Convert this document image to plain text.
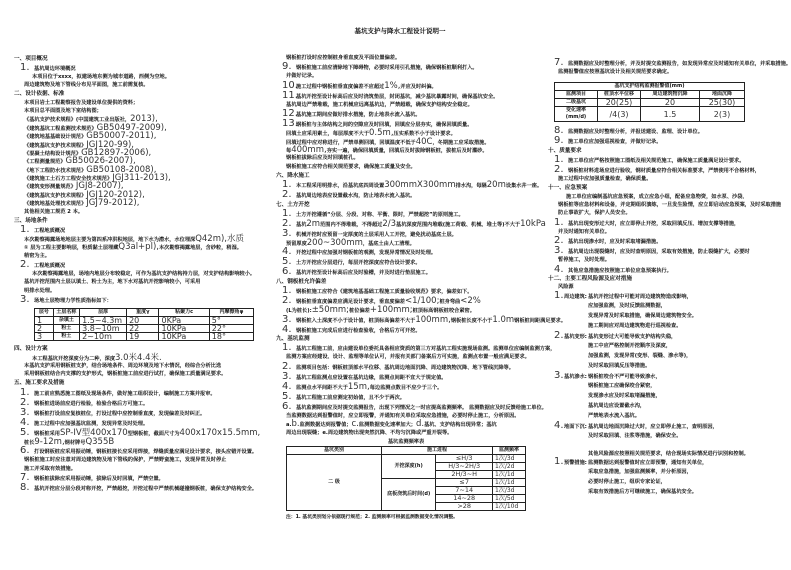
基坑支护与降水工程设计说明一
一、项目概况
1. 基坑周边环境概况
本项目位于xxxx，拟建场地东侧为城市道路，西侧为空地。
周边建筑物及地下管线分布见平面图，施工前需复核。
二、设计依据、标准
本项目岩土工程勘察报告及建设单位提供的资料；
本项目总平面图及地下室结构图；
《基坑支护技术规程》(中国建筑工业出版社，2013),
《建筑基坑工程监测技术规范》GB50497-2009),
《建筑地基基础设计规范》GB50007-2011),
《建筑基坑支护技术规程》JGJ120-99),
《混凝土结构设计规范》GB12897-2006),
《工程测量规范》GB50026-2007),
《地下工程防水技术规范》GB50108-2008),
《建筑施工土石方工程安全技术规范》JGJ311-2013),
《建筑变形测量规范》JGJ8-2007),
《建筑基坑支护技术规程》JGJ120-2012),
《建筑地基处理技术规范》JGJ79-2012),
其他相关施工规范 2 本。
三、场地条件
1. 工程地质概况
本次勘察揭露场地地层主要为第四系冲洪积地层，地下水为潜水，水位埋深Q42m),水质
① 层为工程主要影响层，粉质黏土层埋藏Q3al+pl),本次勘察揭露地层，含砂粒，稍湿。
稍密为主。
2. 工程地质概况
本次勘察揭露地层，场地内地层分布较稳定，可作为基坑支护结构持力层，对支护结构影响较小。
基坑开挖范围内土层以填土、粉土为主，地下水对基坑开挖影响较小，可采用
明排水处理。
3. 场地土层物理力学性质指标如下：
层号	土层名称	层厚	重度γ	粘聚力c	内摩擦角φ
1	杂填土	1.5~4.3m	20	0KPa	5°
2	粉土	3.8~10m	22	10KPa	22°
3	粉土	2~10m	19	10KPa	18°
四、设计方案
本工程基坑开挖深度分为二种，深度3.0米4.4米.
本基坑支护采用钢板桩支护，结合场地条件、周边环境及地下水情况，经综合分析比选
采用钢板桩结合内支撑的支护形式，钢板桩施工前应进行试打，确保施工质量满足要求。
五、施工要求及措施
1. 施工前应熟悉施工图纸及现场条件，做好施工组织设计，编制施工方案并报审。
2. 钢板桩进场前应进行检验，检验合格后方可施工。
3. 钢板桩打设前应复核桩位，打设过程中应控制垂直度，发现偏差及时纠正。
4. 施工过程中应加强基坑监测，发现异常及时处理。
5. 钢板桩采用SP-IV型400x170型钢板桩，截面尺寸为400x170x15.5mm,
桩长9-12m,钢材牌号Q355B
6. 打设钢板桩应采用振动锤，钢板桩接长应采用焊接，焊缝质量应满足设计要求，接头应错开设置。
钢板桩施工时应注意对周边建筑物及地下管线的保护，严禁野蛮施工，发现异常及时停止
施工并采取有效措施。
7. 钢板桩拔除应采用振动锤，拔除后及时回填，严禁空置。
8. 基坑开挖应分层分段对称开挖，严禁超挖，开挖过程中严禁机械碰撞钢板桩，确保支护结构安全。
钢板桩打设时应控制桩身垂直度及平面位置偏差。
9. 钢板桩施工前应清除地下障碍物，必要时采用引孔措施，确保钢板桩顺利打入。
并做好记录。
10.施工过程中钢板桩垂直度偏差不应超过1%,并应及时纠偏。
11.基坑开挖至设计标高后应及时浇筑垫层，封闭基坑，减少基坑暴露时间，确保基坑安全。
基坑周边严禁堆载，施工机械应远离基坑边，严禁超载，确保支护结构安全稳定。
12.基坑施工期间应做好排水措施，防止地表水流入基坑。
13.钢板桩与主体结构之间的空隙应及时回填，回填应分层夯实，确保回填质量。
回填土应采用素土，每层厚度不大于0.5m,压实系数不小于设计要求。
回填过程中应对称进行，严禁单侧回填，回填温度不低于40C，冬期施工应采取措施。
每400mm,夯实一遍，确保回填质量，回填后及时拔除钢板桩，拔桩后及时灌砂。
钢板桩拔除后应及时回填桩孔。
钢板桩施工应符合相关规范要求，确保施工质量及安全。
六、降水施工
1. 本工程采用明排水，沿基坑底四周设置300mmX300mm排水沟，每隔20m设集水井一座。
2. 基坑周边地表应设置截水沟，防止地表水流入基坑。
七、土方开挖
1. 土方开挖遵循“分层、分段、对称、平衡、限时，严禁超挖”的原则施工。
2. 基坑2m范围内不得堆载，不得超过2/3基坑深度范围内堆载(施工荷载、机械、堆土等)不大于10kPa
3. 机械开挖时应预留一定厚度的土层采用人工开挖，避免扰动基底土层。
预留厚度200~300mm，基底土由人工清理。
4. 开挖过程中应加强对钢板桩的观测，发现异常情况及时处理。
5. 土方开挖应分层进行，每层开挖深度应符合设计要求。
6. 基坑开挖至设计标高后应及时验槽，并及时进行垫层施工。
八、钢板桩允许偏差
1. 钢板桩施工应符合《建筑地基基础工程施工质量验收规范》要求，偏差如下。
2. 钢板桩垂直度偏差应满足设计要求，垂直度偏差<1/100;桩身弯曲<2%
(L为桩长):±50mm;桩位偏差+100mm;桩顶标高钢板桩咬合紧密。
3. 钢板桩入土深度不小于设计值，桩顶标高偏差不大于100mm,钢板桩长度不小于1.0m钢板桩间距满足要求。
4. 钢板桩施工完成后应进行检查验收，合格后方可开挖。
九、基坑监测
1. 基坑工程施工前，应由建设单位委托具备相应资质的第三方对基坑工程实施现场监测。监测单位应编制监测方案，
监测方案应经建设、设计、监理等单位认可，并报有关部门备案后方可实施，监测点布置一般应满足要求。
2. 监测项目包括：钢板桩顶部水平位移、基坑周边地面沉降、周边建筑物沉降、地下管线沉降等。
3. 基坑工程监测点应设置在基坑边缘，监测点间距不宜大于规定值。
4. 监测点水平间距不大于15m,每边监测点数目不应少于三个。
5. 基坑工程施工前应测定初始值，且不少于两次。
6. 基坑监测期间应及时提交监测报告，出现下列情况之一时应提高监测频率。 监测数据应及时反馈给施工单位。
当监测数据达到报警值时，应立即报警，并通知有关单位采取应急措施，必要时停止施工，分析原因。
a.b.监测数据达到报警值；c.监测数据变化速率加大；d.基坑、支护结构出现异常；基坑
周边出现裂缝；e.周边建筑物出现突然沉降、不均匀沉降或严重开裂等。
基坑监测频率表
基坑类别	施工进程		监测频率
二 级	开挖深度(h)	≤H/3	1次/3d
		H/3~2H/3	1次/2d
		2H/3~H	1次/1d
	底板浇筑后时间(d)	≤7	1次/1d
		7~14	1次/3d
		14~28	1次/5d
		>28	1次/10d
注：1. 基坑类别划分依据现行规范；2. 监测频率可根据监测数据变化情况调整。
7. 监测数据应及时整理分析，并及时提交监测报告，如发现异常应及时通知有关单位，并采取措施。
监测报警值应按照基坑设计及相关规范要求确定。
基坑支护结构监测报警值(mm)			
监测项目	桩顶水平位移	周边建筑物沉降	地面沉降
二级基坑	20(25)	20	25(30)
变化速率(mm/d)	/4(3)	1.5	2(3)
8. 监测数据应及时整理分析，并报送建设、监理、设计单位。
9. 施工单位应加强巡视检查，并做好记录。
十、质量要求
1. 施工单位应严格按照施工图纸及相关规范施工，确保施工质量满足设计要求。
2. 钢板桩材料进场应进行验收，钢材质量应符合相关标准要求，严禁使用不合格材料，
施工过程中应加强质量检查，确保质量。
十一、应急预案
施工单位应编制基坑应急预案，成立应急小组，配备应急物资，如水泵、沙袋、
钢板桩等应急材料和设备，并定期组织演练，一旦发生险情，应立即启动应急预案，及时采取措施
防止事故扩大，保护人员安全。
1. 基坑出现变形过大时，应立即停止开挖，采取回填反压、增加支撑等措施，
并及时通知有关单位。
2. 基坑出现渗水时，应及时采取堵漏措施。
3. 基坑周边出现裂缝时，应及时查明原因，采取有效措施，防止裂缝扩大，必要时
暂停施工，及时处理。
4. 其他应急措施应按照施工单位应急预案执行。
十二、主要工程风险源及应对措施
风险源
1.周边建筑:基坑开挖过程中可能对周边建筑物造成影响，
应加强监测，及时反馈监测数据，
发现异常及时采取措施，确保周边建筑物安全。
施工期间应对周边建筑物进行巡视检查。
2.基坑变形:基坑变形过大可能导致支护结构失稳，
施工中应严格控制开挖顺序及深度，
加强监测，发现异常(变形、裂缝、渗水等)，
及时采取回填反压等措施。
3.基坑渗水:钢板桩咬合不严可能导致渗水，
钢板桩施工应确保咬合紧密，
发现渗水应及时采取堵漏措施，
基坑周边应设置截水沟，
严禁地表水流入基坑。
4.地面下沉:基坑周边地面沉降过大时，应立即停止施工，查明原因，
及时采取回填、注浆等措施，确保安全。
其他风险源应按照相关规范要求，结合现场实际情况进行识别和控制。
1.预警措施:监测数据达到报警值时应立即预警，通知有关单位，
采取应急措施，加强监测频率，并分析原因，
必要时停止施工，组织专家论证，
采取有效措施后方可继续施工，确保基坑安全。
